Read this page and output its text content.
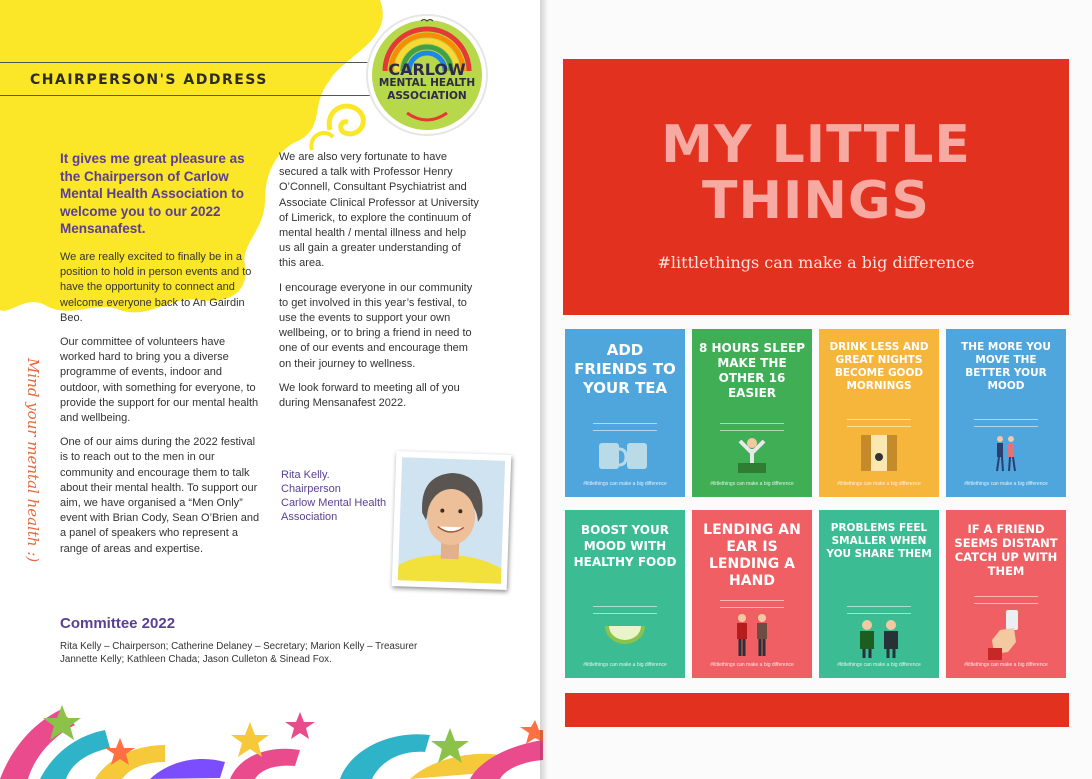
CHAIRPERSON'S ADDRESS
CARLOW
MENTAL HEALTH
ASSOCIATION
It gives me great pleasure as the Chairperson of Carlow Mental Health Association to welcome you to our 2022 Mensanafest.

We are really excited to finally be in a position to hold in person events and to have the opportunity to connect and welcome everyone back to An Gairdin Beo.

Our committee of volunteers have worked hard to bring you a diverse programme of events, indoor and outdoor, with something for everyone, to provide the support for our mental health and wellbeing.

One of our aims during the 2022 festival is to reach out to the men in our community and encourage them to talk about their mental health. To support our aim, we have organised a “Men Only” event with Brian Cody, Sean O’Brien and a panel of speakers who represent a range of areas and expertise.

We are also very fortunate to have secured a talk with Professor Henry O’Connell, Consultant Psychiatrist and Associate Clinical Professor at University of Limerick, to explore the continuum of mental health / mental illness and help us all gain a greater understanding of this area.

I encourage everyone in our community to get involved in this year’s festival, to use the events to support your own wellbeing, or to bring a friend in need to one of our events and encourage them on their journey to wellness.

We look forward to meeting all of you during Mensanafest 2022.

Rita Kelly.
Chairperson
Carlow Mental Health
Association
Mind your mental health :)
Committee 2022
Rita Kelly – Chairperson; Catherine Delaney – Secretary; Marion Kelly – Treasurer
Jannette Kelly; Kathleen Chada; Jason Culleton & Sinead Fox.
MY LITTLE
THINGS
#littlethings can make a big difference
ADD FRIENDS TO YOUR TEA
#littlethings can make a big difference
8 HOURS SLEEP MAKE THE OTHER 16 EASIER
#littlethings can make a big difference
DRINK LESS AND GREAT NIGHTS BECOME GOOD MORNINGS
#littlethings can make a big difference
THE MORE YOU MOVE THE BETTER YOUR MOOD
#littlethings can make a big difference
BOOST YOUR MOOD WITH HEALTHY FOOD
#littlethings can make a big difference
LENDING AN EAR IS LENDING A HAND
#littlethings can make a big difference
PROBLEMS FEEL SMALLER WHEN YOU SHARE THEM
#littlethings can make a big difference
IF A FRIEND SEEMS DISTANT CATCH UP WITH THEM
#littlethings can make a big difference
